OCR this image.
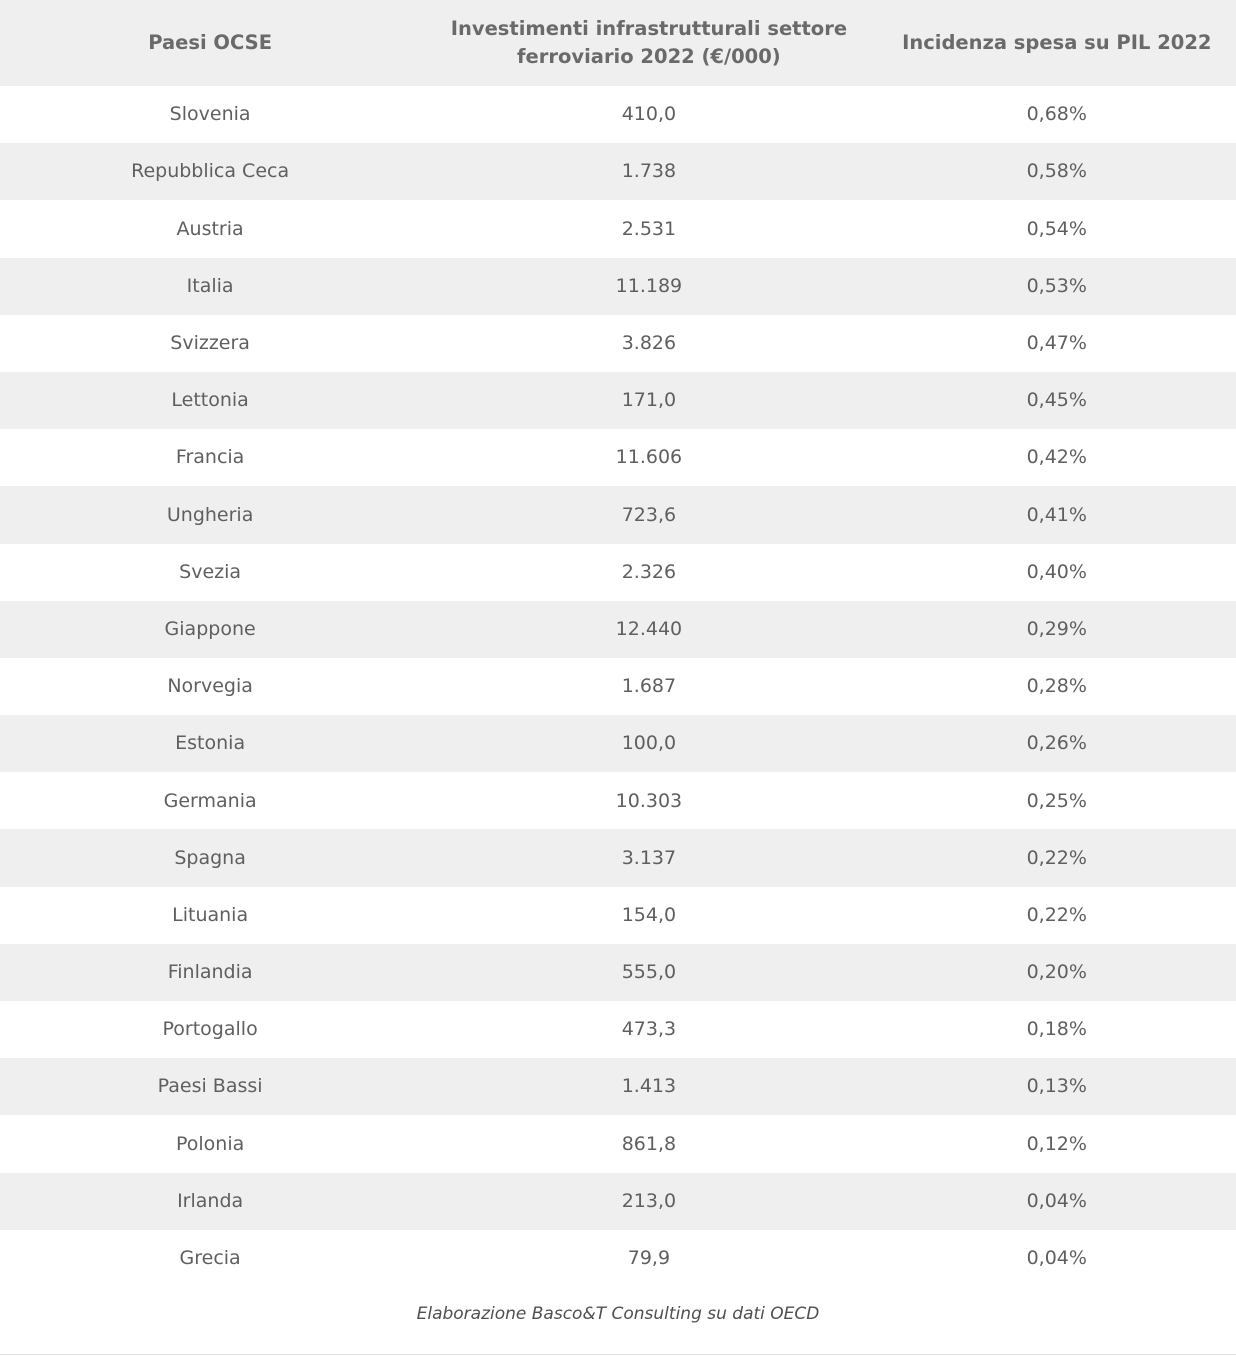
Paesi OCSE	Investimenti infrastrutturali settore ferroviario 2022 (€/000)	Incidenza spesa su PIL 2022
Slovenia	410,0	0,68%
Repubblica Ceca	1.738	0,58%
Austria	2.531	0,54%
Italia	11.189	0,53%
Svizzera	3.826	0,47%
Lettonia	171,0	0,45%
Francia	11.606	0,42%
Ungheria	723,6	0,41%
Svezia	2.326	0,40%
Giappone	12.440	0,29%
Norvegia	1.687	0,28%
Estonia	100,0	0,26%
Germania	10.303	0,25%
Spagna	3.137	0,22%
Lituania	154,0	0,22%
Finlandia	555,0	0,20%
Portogallo	473,3	0,18%
Paesi Bassi	1.413	0,13%
Polonia	861,8	0,12%
Irlanda	213,0	0,04%
Grecia	79,9	0,04%
Elaborazione Basco&T Consulting su dati OECD		
